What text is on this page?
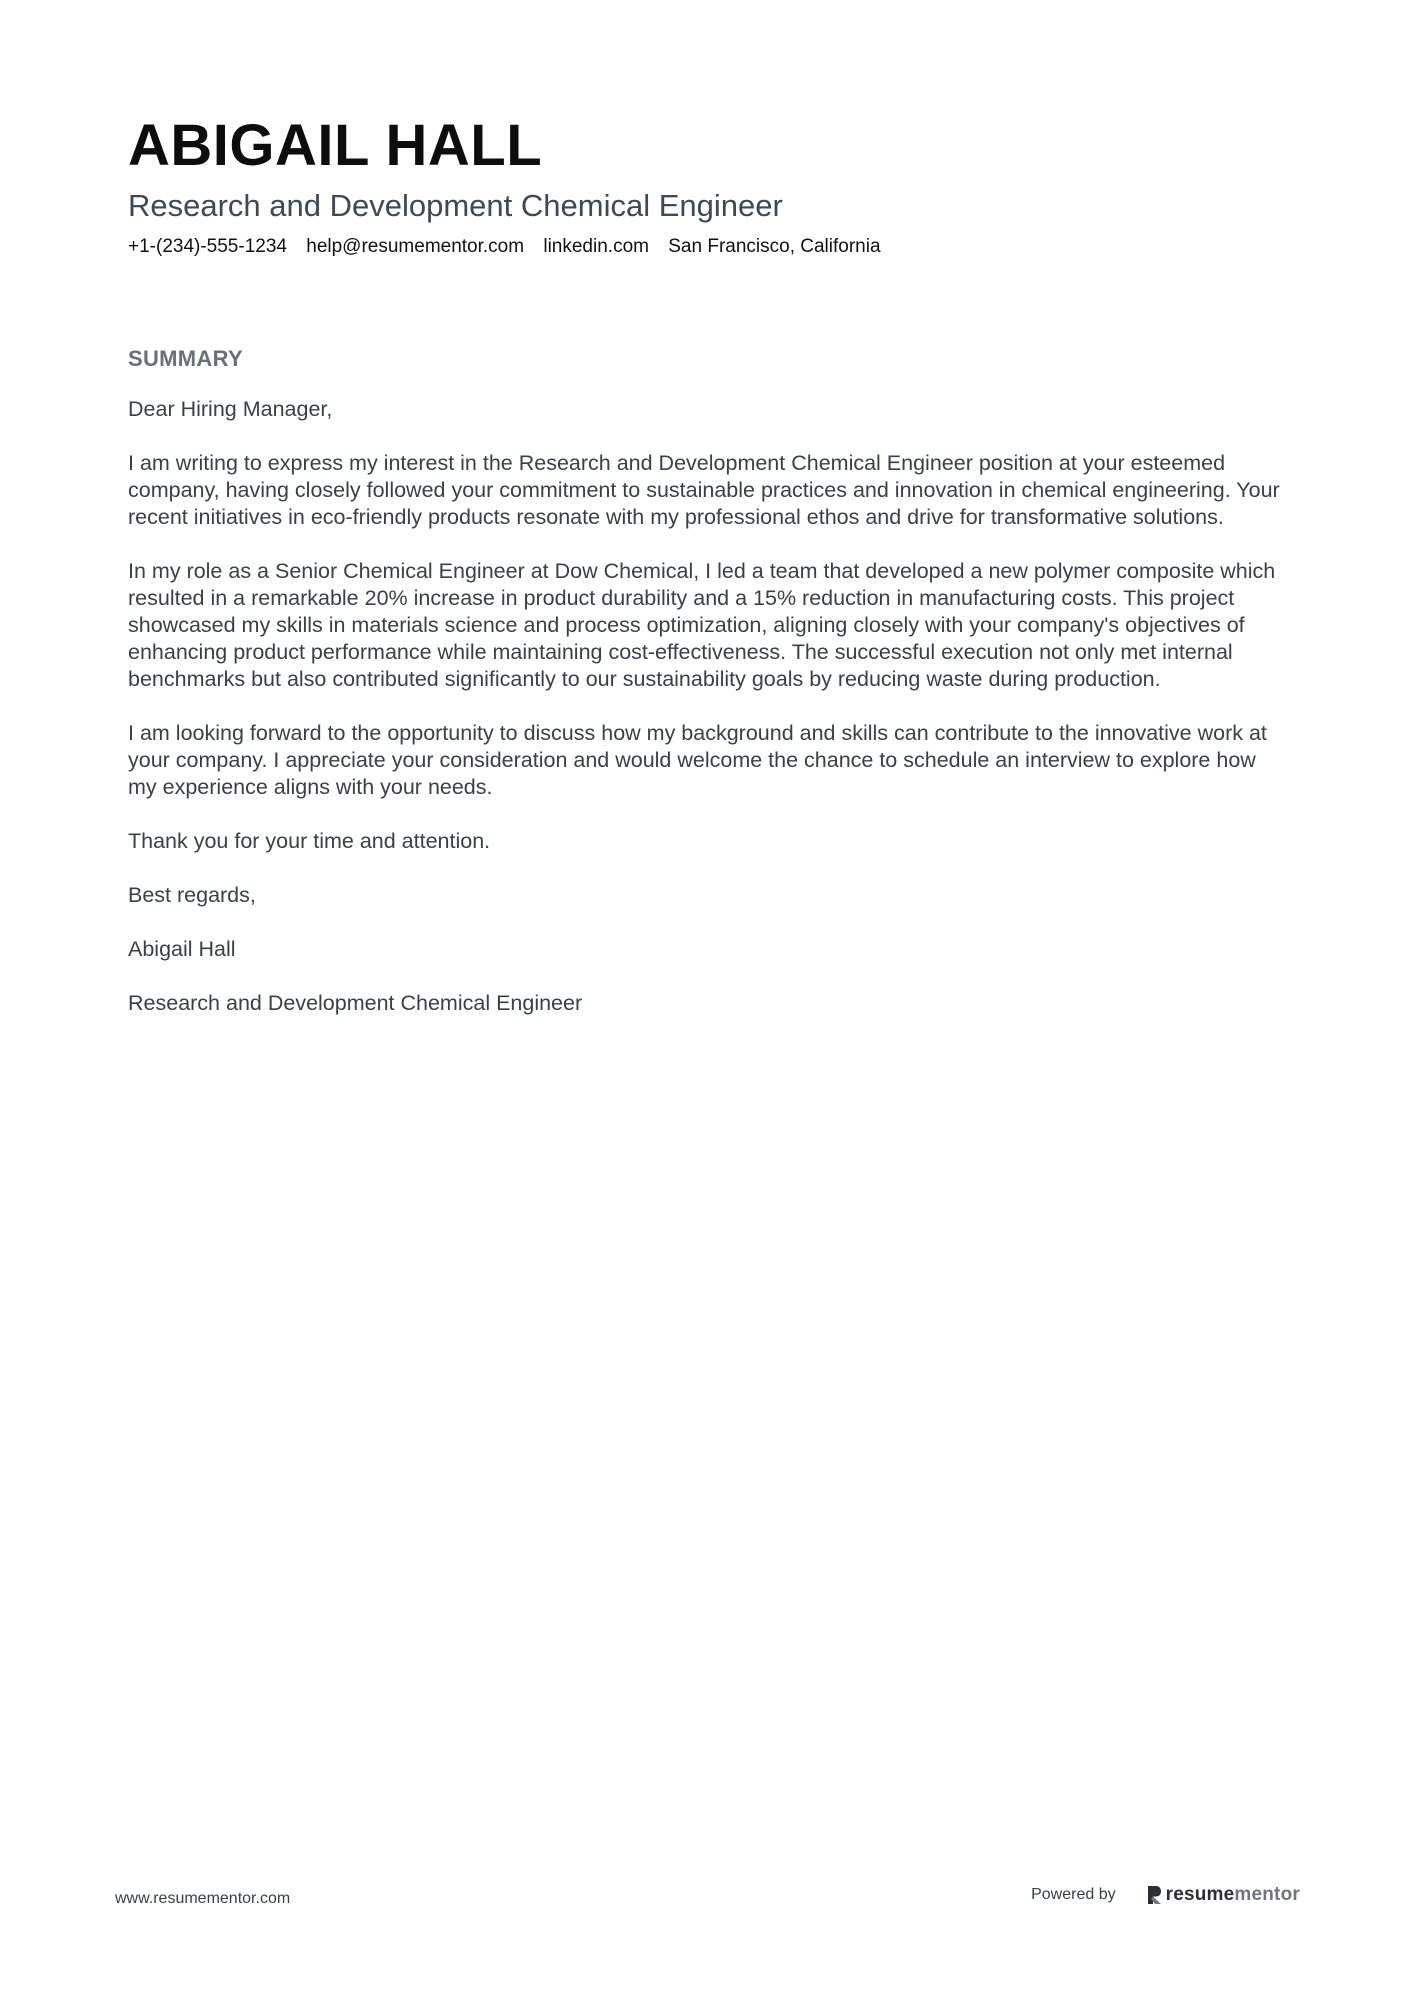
ABIGAIL HALL
Research and Development Chemical Engineer
+1-(234)-555-1234 help@resumementor.com linkedin.com San Francisco, California
SUMMARY

Dear Hiring Manager,

I am writing to express my interest in the Research and Development Chemical Engineer position at your esteemed company, having closely followed your commitment to sustainable practices and innovation in chemical engineering. Your recent initiatives in eco-friendly products resonate with my professional ethos and drive for transformative solutions.

In my role as a Senior Chemical Engineer at Dow Chemical, I led a team that developed a new polymer composite which resulted in a remarkable 20% increase in product durability and a 15% reduction in manufacturing costs. This project showcased my skills in materials science and process optimization, aligning closely with your company's objectives of enhancing product performance while maintaining cost-effectiveness. The successful execution not only met internal benchmarks but also contributed significantly to our sustainability goals by reducing waste during production.

I am looking forward to the opportunity to discuss how my background and skills can contribute to the innovative work at your company. I appreciate your consideration and would welcome the chance to schedule an interview to explore how my experience aligns with your needs.

Thank you for your time and attention.

Best regards,

Abigail Hall

Research and Development Chemical Engineer

www.resumementor.com	Powered by	resume mentor
